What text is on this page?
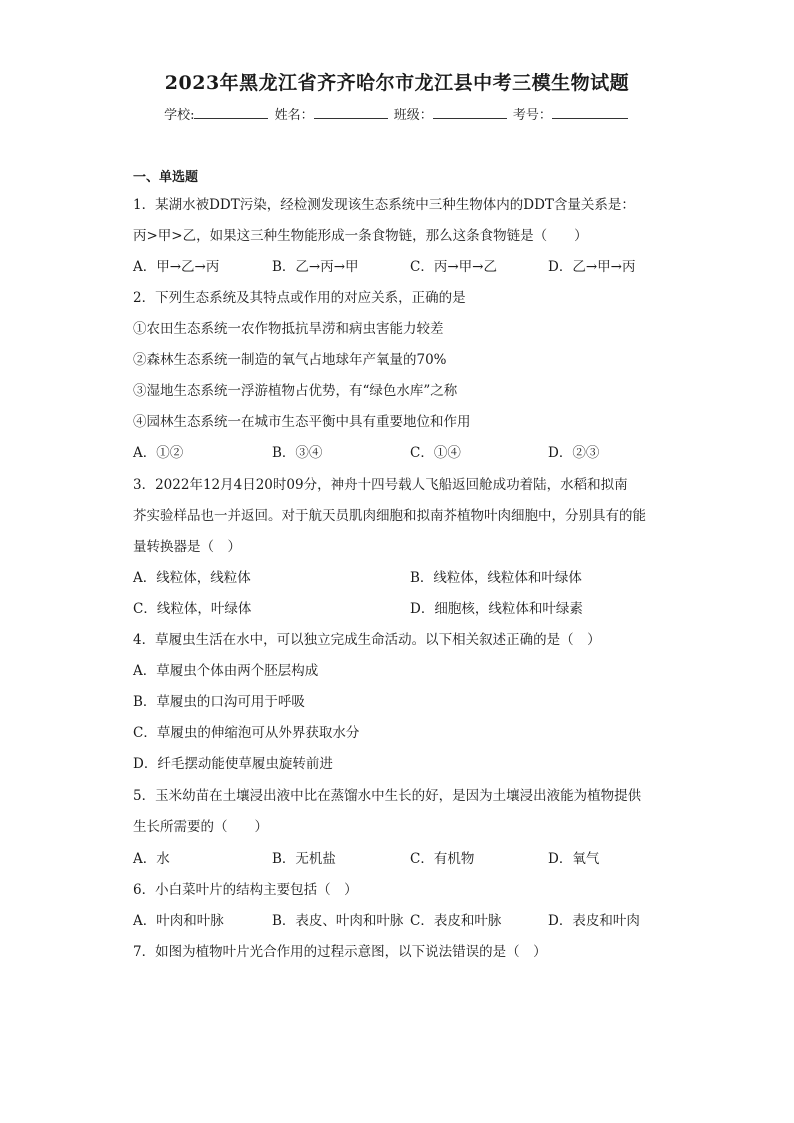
2023年黑龙江省齐齐哈尔市龙江县中考三模生物试题
学校:	姓名：	班级：	考号：
一、单选题
1．某湖水被DDT污染，经检测发现该生态系统中三种生物体内的DDT含量关系是：
丙>甲>乙，如果这三种生物能形成一条食物链，那么这条食物链是（　　）
A．甲→乙→丙	B．乙→丙→甲	C．丙→甲→乙	D．乙→甲→丙
2．下列生态系统及其特点或作用的对应关系，正确的是
①农田生态系统一农作物抵抗旱涝和病虫害能力较差
②森林生态系统一制造的氧气占地球年产氧量的70%
③湿地生态系统一浮游植物占优势，有“绿色水库”之称
④园林生态系统一在城市生态平衡中具有重要地位和作用
A．①②	B．③④	C．①④	D．②③
3．2022年12月4日20时09分，神舟十四号载人飞船返回舱成功着陆，水稻和拟南
芥实验样品也一并返回。对于航天员肌肉细胞和拟南芥植物叶肉细胞中，分别具有的能
量转换器是（　）
A．线粒体，线粒体	B．线粒体，线粒体和叶绿体
C．线粒体，叶绿体	D．细胞核，线粒体和叶绿素
4．草履虫生活在水中，可以独立完成生命活动。以下相关叙述正确的是（　）
A．草履虫个体由两个胚层构成
B．草履虫的口沟可用于呼吸
C．草履虫的伸缩泡可从外界获取水分
D．纤毛摆动能使草履虫旋转前进
5．玉米幼苗在土壤浸出液中比在蒸馏水中生长的好，是因为土壤浸出液能为植物提供
生长所需要的（　　）
A．水	B．无机盐	C．有机物	D．氧气
6．小白菜叶片的结构主要包括（　）
A．叶肉和叶脉	B．表皮、叶肉和叶脉 C．表皮和叶脉	D．表皮和叶肉
7．如图为植物叶片光合作用的过程示意图，以下说法错误的是（　）
